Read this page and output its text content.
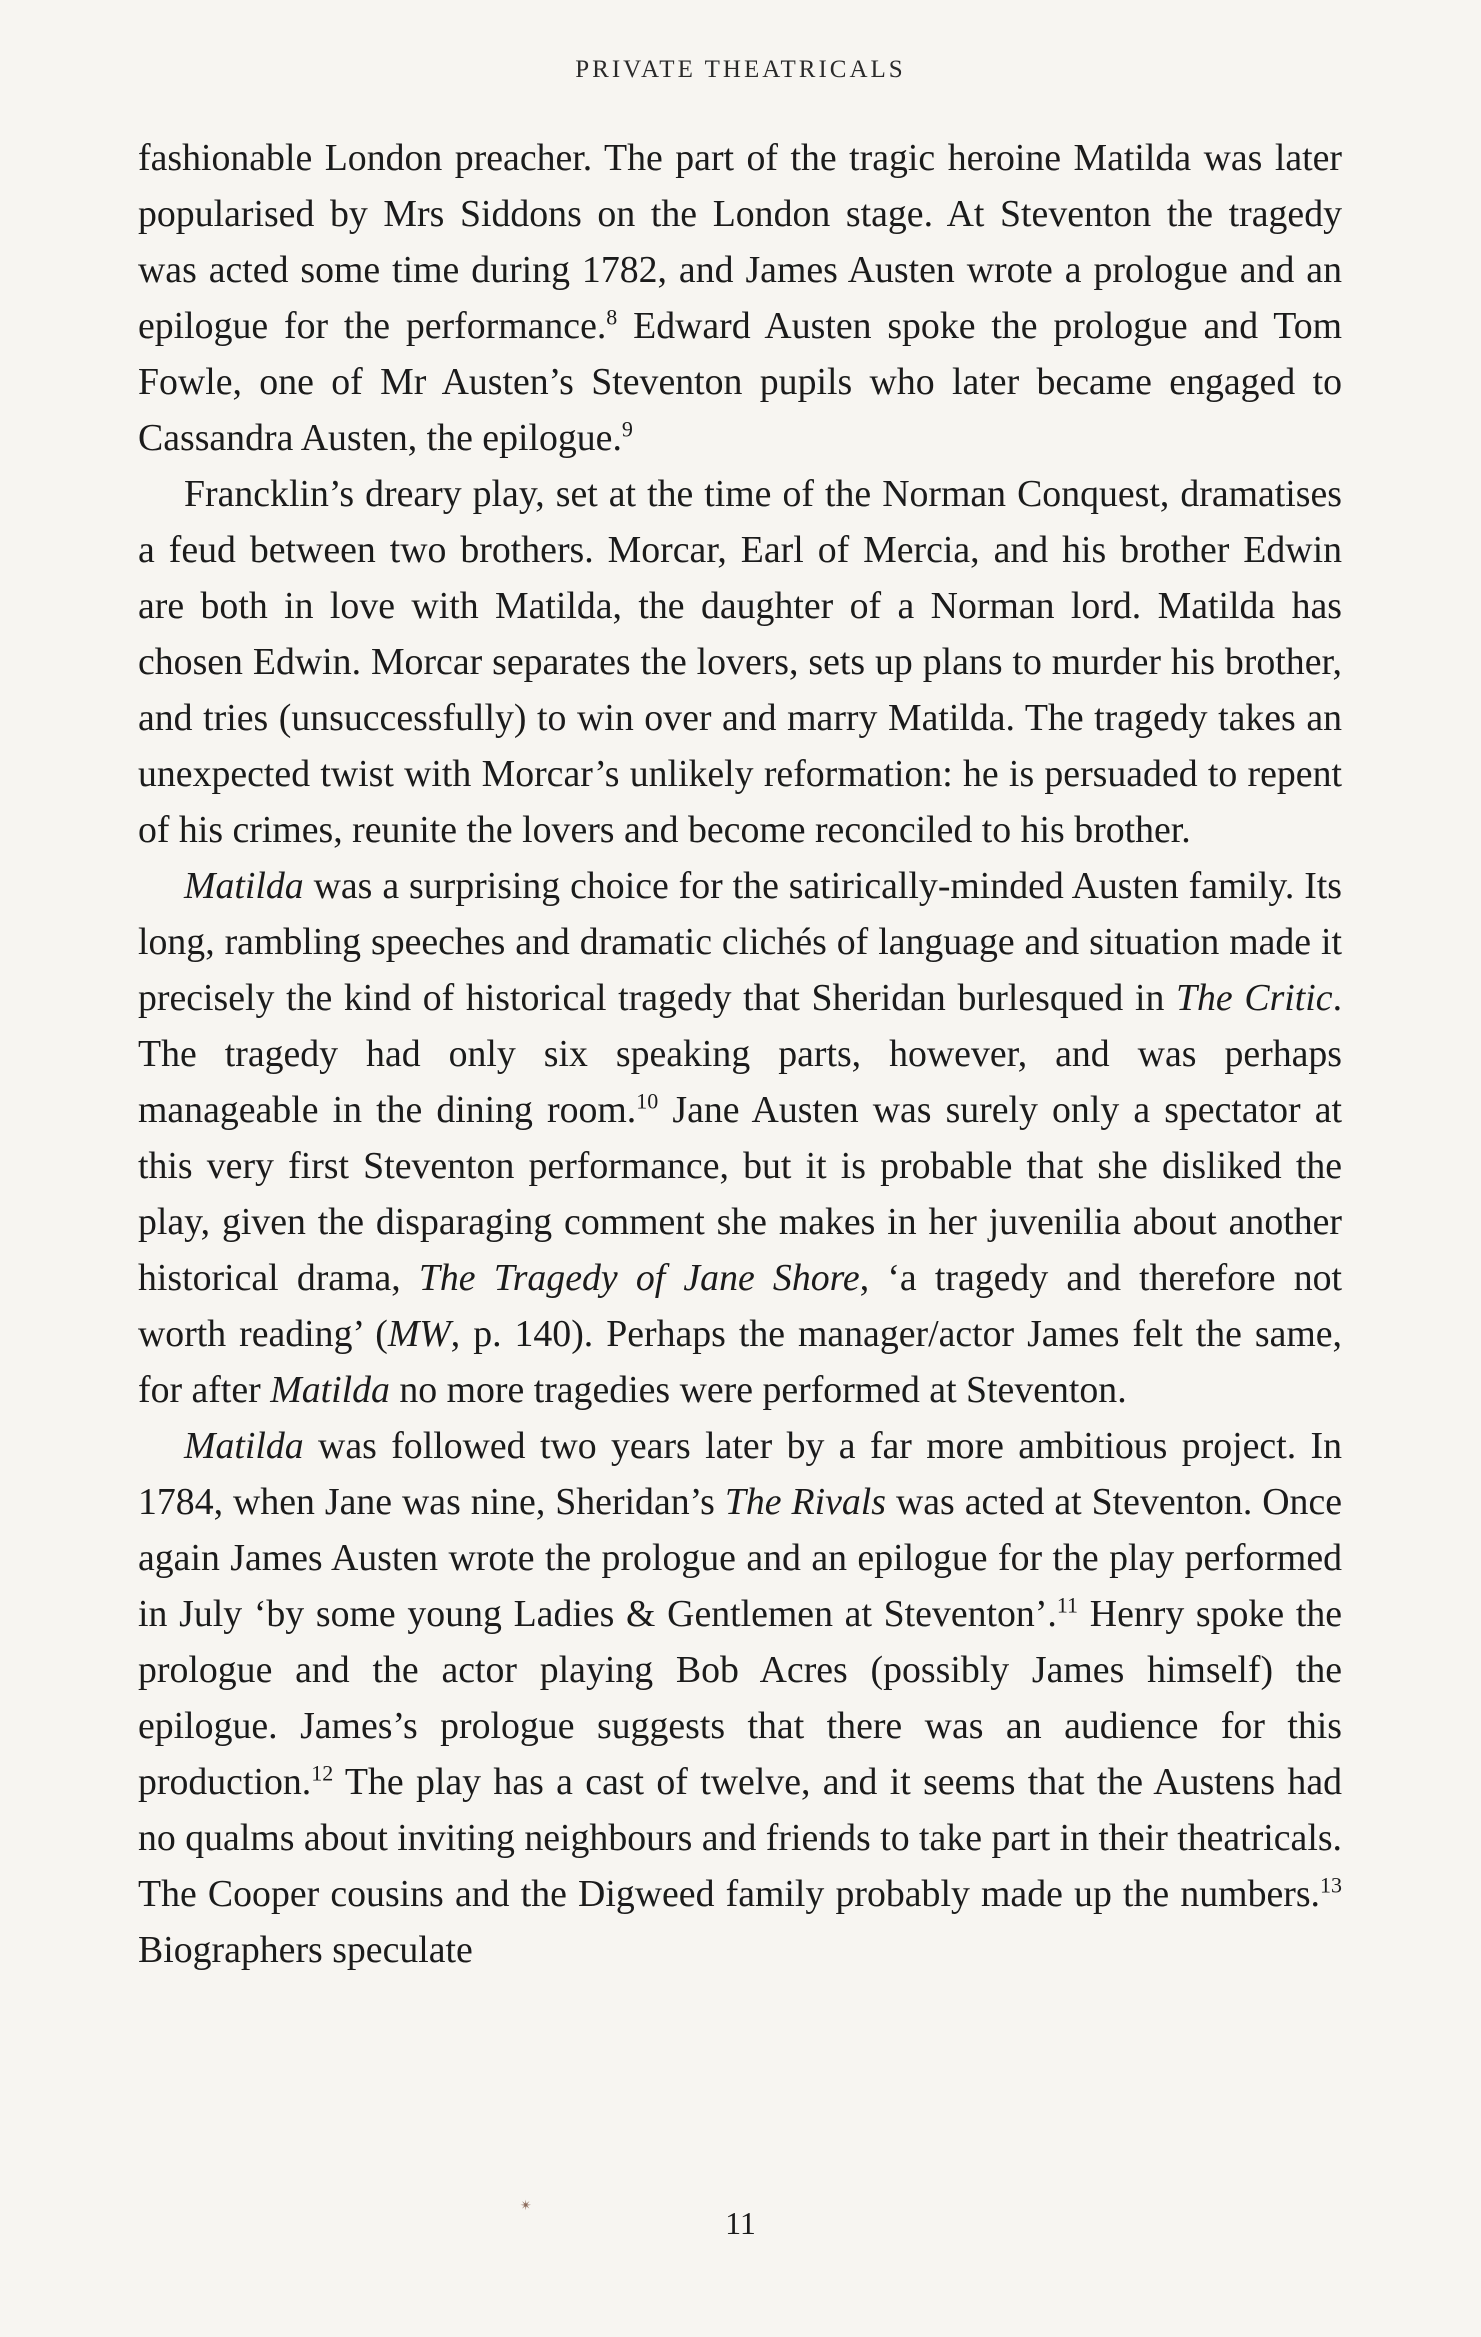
PRIVATE THEATRICALS

fashionable London preacher. The part of the tragic heroine Matilda was later popularised by Mrs Siddons on the London stage. At Steventon the tragedy was acted some time during 1782, and James Austen wrote a prologue and an epilogue for the performance.$^8$ Edward Austen spoke the prologue and Tom Fowle, one of Mr Austen’s Steventon pupils who later became engaged to Cassandra Austen, the epilogue.$^9$

Francklin’s dreary play, set at the time of the Norman Conquest, dramatises a feud between two brothers. Morcar, Earl of Mercia, and his brother Edwin are both in love with Matilda, the daughter of a Norman lord. Matilda has chosen Edwin. Morcar separates the lovers, sets up plans to murder his brother, and tries (unsuccessfully) to win over and marry Matilda. The tragedy takes an unexpected twist with Morcar’s unlikely reformation: he is persuaded to repent of his crimes, reunite the lovers and become reconciled to his brother.

Matilda was a surprising choice for the satirically-minded Austen family. Its long, rambling speeches and dramatic clichés of language and situation made it precisely the kind of historical tragedy that Sheridan burlesqued in The Critic. The tragedy had only six speaking parts, however, and was perhaps manageable in the dining room.$^{10}$ Jane Austen was surely only a spectator at this very first Steventon performance, but it is probable that she disliked the play, given the disparaging comment she makes in her juvenilia about another historical drama, The Tragedy of Jane Shore, ‘a tragedy and therefore not worth reading’ (MW, p. 140). Perhaps the manager/actor James felt the same, for after Matilda no more tragedies were performed at Steventon.

Matilda was followed two years later by a far more ambitious project. In 1784, when Jane was nine, Sheridan’s The Rivals was acted at Steventon. Once again James Austen wrote the prologue and an epilogue for the play performed in July ‘by some young Ladies & Gentlemen at Steventon’.$^{11}$ Henry spoke the prologue and the actor playing Bob Acres (possibly James himself) the epilogue. James’s prologue suggests that there was an audience for this production.$^{12}$ The play has a cast of twelve, and it seems that the Austens had no qualms about inviting neighbours and friends to take part in their theatricals. The Cooper cousins and the Digweed family probably made up the numbers.$^{13}$ Biographers speculate

✴	11
